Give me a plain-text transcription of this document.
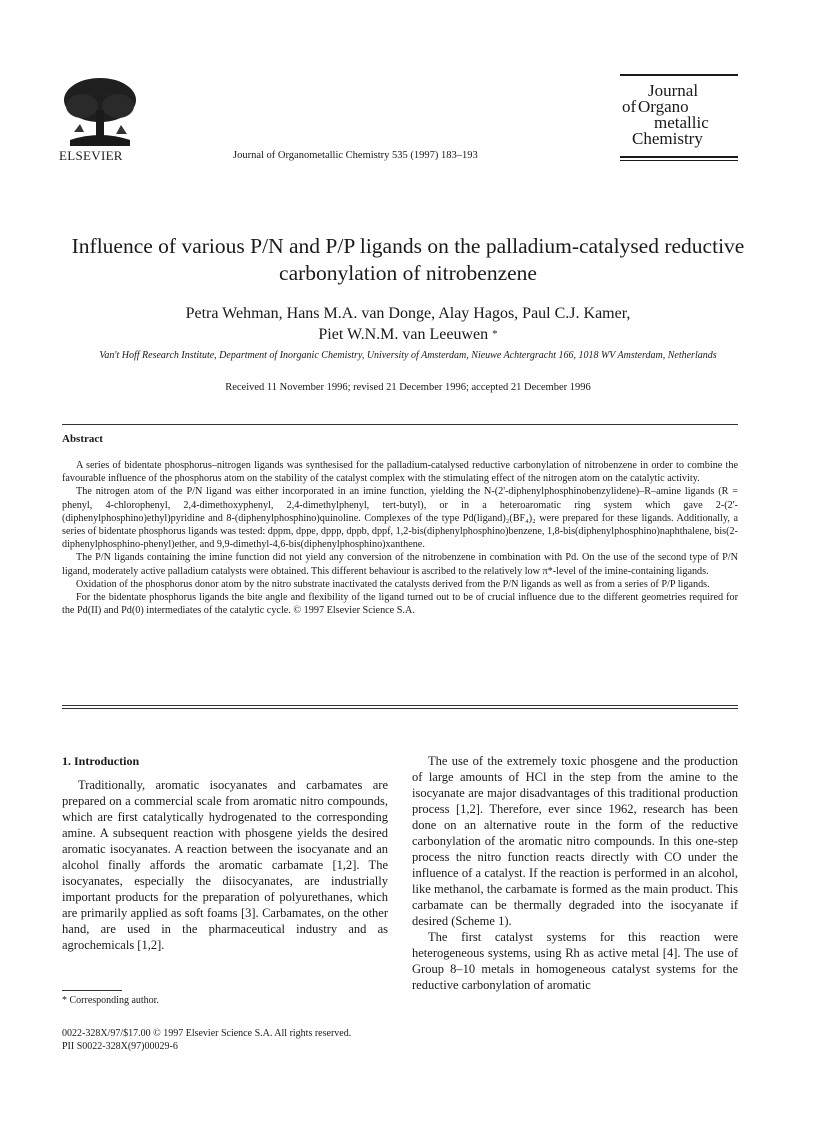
ELSEVIER	Journal of Organometallic Chemistry 535 (1997) 183–193
Journal
of Organo
metallic
Chemistry
Influence of various P/N and P/P ligands on the palladium-catalysed reductive carbonylation of nitrobenzene
Petra Wehman, Hans M.A. van Donge, Alay Hagos, Paul C.J. Kamer,
Piet W.N.M. van Leeuwen *
Van't Hoff Research Institute, Department of Inorganic Chemistry, University of Amsterdam, Nieuwe Achtergracht 166, 1018 WV Amsterdam, Netherlands
Received 11 November 1996; revised 21 December 1996; accepted 21 December 1996
Abstract

A series of bidentate phosphorus–nitrogen ligands was synthesised for the palladium-catalysed reductive carbonylation of nitrobenzene in order to combine the favourable influence of the phosphorus atom on the stability of the catalyst complex with the stimulating effect of the nitrogen atom on the catalytic activity.

The nitrogen atom of the P/N ligand was either incorporated in an imine function, yielding the N-(2'-diphenylphosphinobenzylidene)–R–amine ligands (R = phenyl, 4-chlorophenyl, 2,4-dimethoxyphenyl, 2,4-dimethylphenyl, tert-butyl), or in a heteroaromatic ring system which gave 2-(2'-(diphenylphosphino)ethyl)pyridine and 8-(diphenylphosphino)quinoline. Complexes of the type Pd(ligand)₂(BF₄)₂ were prepared for these ligands. Additionally, a series of bidentate phosphorus ligands was tested: dppm, dppe, dppp, dppb, dppf, 1,2-bis(diphenylphosphino)benzene, 1,8-bis(diphenylphosphino)naphthalene, bis(2-diphenylphosphino-phenyl)ether, and 9,9-dimethyl-4,6-bis(diphenylphosphino)xanthene.

The P/N ligands containing the imine function did not yield any conversion of the nitrobenzene in combination with Pd. On the use of the second type of P/N ligand, moderately active palladium catalysts were obtained. This different behaviour is ascribed to the relatively low π*-level of the imine-containing ligands.

Oxidation of the phosphorus donor atom by the nitro substrate inactivated the catalysts derived from the P/N ligands as well as from a series of P/P ligands.

For the bidentate phosphorus ligands the bite angle and flexibility of the ligand turned out to be of crucial influence due to the different geometries required for the Pd(II) and Pd(0) intermediates of the catalytic cycle. © 1997 Elsevier Science S.A.

1. Introduction

Traditionally, aromatic isocyanates and carbamates are prepared on a commercial scale from aromatic nitro compounds, which are first catalytically hydrogenated to the corresponding amine. A subsequent reaction with phosgene yields the desired aromatic isocyanates. A reaction between the isocyanate and an alcohol finally affords the aromatic carbamate [1,2]. The isocyanates, especially the diisocyanates, are industrially important products for the preparation of polyurethanes, which are primarily applied as soft foams [3]. Carbamates, on the other hand, are used in the pharmaceutical industry and as agrochemicals [1,2].

The use of the extremely toxic phosgene and the production of large amounts of HCl in the step from the amine to the isocyanate are major disadvantages of this traditional production process [1,2]. Therefore, ever since 1962, research has been done on an alternative route in the form of the reductive carbonylation of the aromatic nitro compounds. In this one-step process the nitro function reacts directly with CO under the influence of a catalyst. If the reaction is performed in an alcohol, like methanol, the carbamate is formed as the main product. This carbamate can be thermally degraded into the isocyanate if desired (Scheme 1).

The first catalyst systems for this reaction were heterogeneous systems, using Rh as active metal [4]. The use of Group 8–10 metals in homogeneous catalyst systems for the reductive carbonylation of aromatic

* Corresponding author.
0022-328X/97/$17.00 © 1997 Elsevier Science S.A. All rights reserved.
PII S0022-328X(97)00029-6
